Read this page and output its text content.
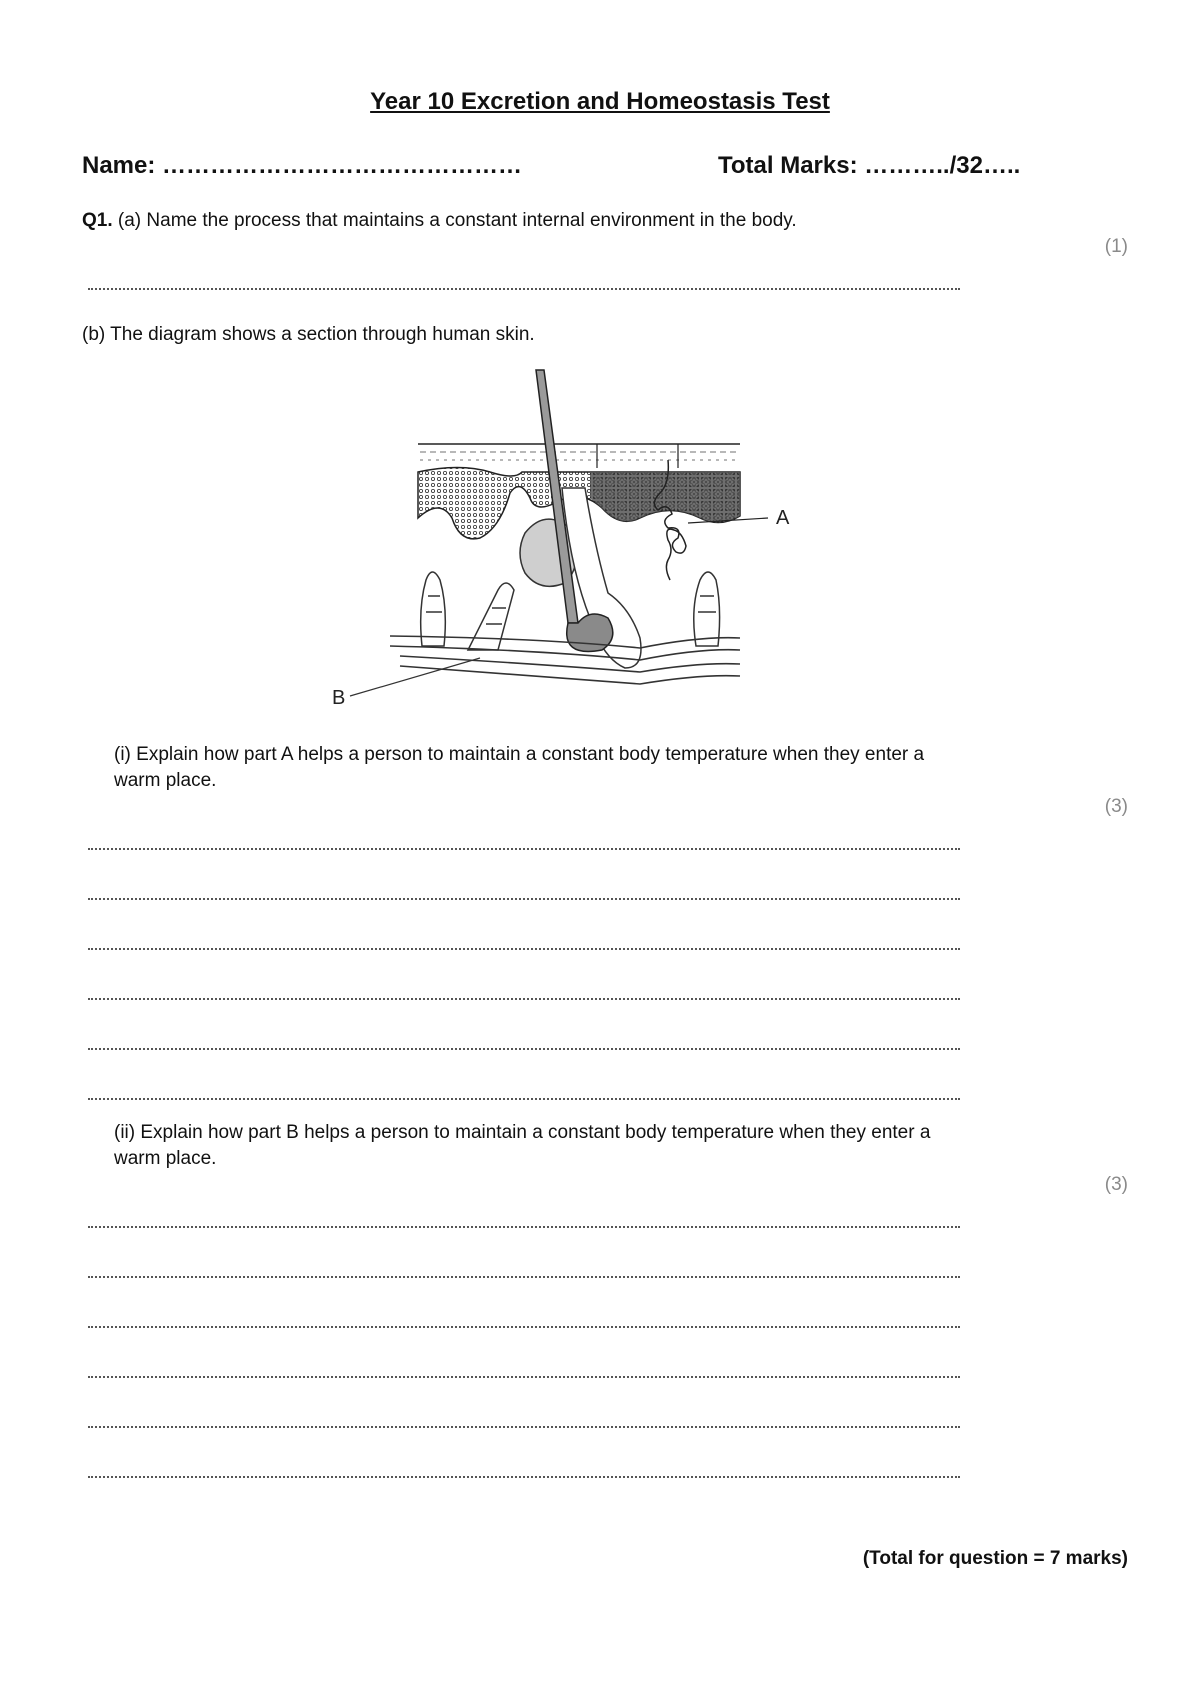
Year 10 Excretion and Homeostasis Test
Name: ………………………………………	Total Marks: ………../32…..
Q1. (a) Name the process that maintains a constant internal environment in the body.
(1)
(b) The diagram shows a section through human skin.
A
B
(i) Explain how part A helps a person to maintain a constant body temperature when they enter a
warm place.
(3)
(ii) Explain how part B helps a person to maintain a constant body temperature when they enter a
warm place.
(3)
(Total for question = 7 marks)
